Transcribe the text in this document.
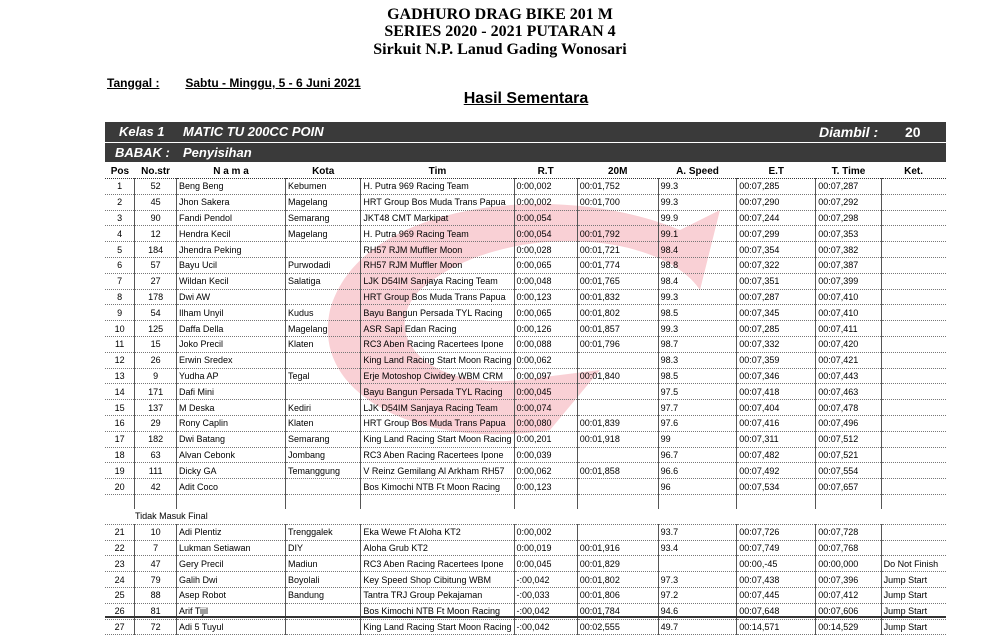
GADHURO DRAG BIKE 201 M
SERIES 2020 - 2021 PUTARAN 4
Sirkuit N.P. Lanud Gading Wonosari
Tanggal : Sabtu - Minggu, 5 - 6 Juni 2021
Hasil Sementara
Kelas 1 MATIC TU 200CC POIN	Diambil : 20
BABAK : Penyisihan
Pos	No.str	N a m a	Kota	Tim	R.T	20M	A. Speed	E.T	T. Time	Ket.
1	52	Beng Beng	Kebumen	H. Putra 969 Racing Team	0:00,002	00:01,752	99.3	00:07,285	00:07,287	
2	45	Jhon Sakera	Magelang	HRT Group Bos Muda Trans Papua	0:00,002	00:01,700	99.3	00:07,290	00:07,292	
3	90	Fandi Pendol	Semarang	JKT48 CMT Markipat	0:00,054		99.9	00:07,244	00:07,298	
4	12	Hendra Kecil	Magelang	H. Putra 969 Racing Team	0:00,054	00:01,792	99.1	00:07,299	00:07,353	
5	184	Jhendra Peking		RH57 RJM Muffler Moon	0:00,028	00:01,721	98.4	00:07,354	00:07,382	
6	57	Bayu Ucil	Purwodadi	RH57 RJM Muffler Moon	0:00,065	00:01,774	98.8	00:07,322	00:07,387	
7	27	Wildan Kecil	Salatiga	LJK D54IM Sanjaya Racing Team	0:00,048	00:01,765	98.4	00:07,351	00:07,399	
8	178	Dwi AW		HRT Group Bos Muda Trans Papua	0:00,123	00:01,832	99.3	00:07,287	00:07,410	
9	54	Ilham Unyil	Kudus	Bayu Bangun Persada TYL Racing	0:00,065	00:01,802	98.5	00:07,345	00:07,410	
10	125	Daffa Della	Magelang	ASR Sapi Edan Racing	0:00,126	00:01,857	99.3	00:07,285	00:07,411	
11	15	Joko Precil	Klaten	RC3 Aben Racing Racertees Ipone	0:00,088	00:01,796	98.7	00:07,332	00:07,420	
12	26	Erwin Sredex		King Land Racing Start Moon Racing	0:00,062		98.3	00:07,359	00:07,421	
13	9	Yudha AP	Tegal	Erje Motoshop Ciwidey WBM CRM	0:00,097	00:01,840	98.5	00:07,346	00:07,443	
14	171	Dafi Mini		Bayu Bangun Persada TYL Racing	0:00,045		97.5	00:07,418	00:07,463	
15	137	M Deska	Kediri	LJK D54IM Sanjaya Racing Team	0:00,074		97.7	00:07,404	00:07,478	
16	29	Rony Caplin	Klaten	HRT Group Bos Muda Trans Papua	0:00,080	00:01,839	97.6	00:07,416	00:07,496	
17	182	Dwi Batang	Semarang	King Land Racing Start Moon Racing	0:00,201	00:01,918	99	00:07,311	00:07,512	
18	63	Alvan Cebonk	Jombang	RC3 Aben Racing Racertees Ipone	0:00,039		96.7	00:07,482	00:07,521	
19	111	Dicky GA	Temanggung	V Reinz Gemilang Al Arkham RH57	0:00,062	00:01,858	96.6	00:07,492	00:07,554	
20	42	Adit Coco		Bos Kimochi NTB Ft Moon Racing	0:00,123		96	00:07,534	00:07,657	

Tidak Masuk Final										
21	10	Adi Plentiz	Trenggalek	Eka Wewe Ft Aloha KT2	0:00,002		93.7	00:07,726	00:07,728	
22	7	Lukman Setiawan	DIY	Aloha Grub KT2	0:00,019	00:01,916	93.4	00:07,749	00:07,768	
23	47	Gery Precil	Madiun	RC3 Aben Racing Racertees Ipone	0:00,045	00:01,829		00:00,-45	00:00,000	Do Not Finish
24	79	Galih Dwi	Boyolali	Key Speed Shop Cibitung WBM	-:00,042	00:01,802	97.3	00:07,438	00:07,396	Jump Start
25	88	Asep Robot	Bandung	Tantra TRJ Group Pekajaman	-:00,033	00:01,806	97.2	00:07,445	00:07,412	Jump Start
26	81	Arif Tijil		Bos Kimochi NTB Ft Moon Racing	-:00,042	00:01,784	94.6	00:07,648	00:07,606	Jump Start
27	72	Adi 5 Tuyul		King Land Racing Start Moon Racing	-:00,042	00:02,555	49.7	00:14,571	00:14,529	Jump Start
